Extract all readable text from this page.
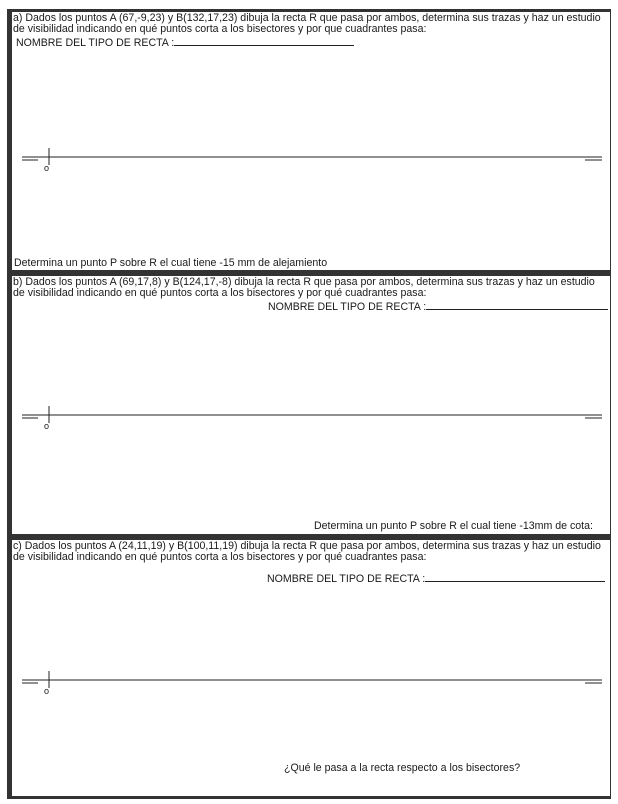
a) Dados los puntos A (67,-9,23) y B(132,17,23) dibuja la recta R que pasa por ambos, determina sus trazas y haz un estudio de visibilidad indicando en qué puntos corta a los bisectores y por que cuadrantes pasa:

NOMBRE DEL TIPO DE RECTA :
o
Determina un punto P sobre R el cual tiene -15 mm de alejamiento

b) Dados los puntos A (69,17,8) y B(124,17,-8) dibuja la recta R que pasa por ambos, determina sus trazas y haz un estudio de visibilidad indicando en qué puntos corta a los bisectores y por qué cuadrantes pasa:

NOMBRE DEL TIPO DE RECTA :
o
Determina un punto P sobre R el cual tiene -13mm de cota:

c) Dados los puntos A (24,11,19) y B(100,11,19) dibuja la recta R que pasa por ambos, determina sus trazas y haz un estudio de visibilidad indicando en qué puntos corta a los bisectores y por qué cuadrantes pasa:

NOMBRE DEL TIPO DE RECTA :
o
¿Qué le pasa a la recta respecto a los bisectores?
